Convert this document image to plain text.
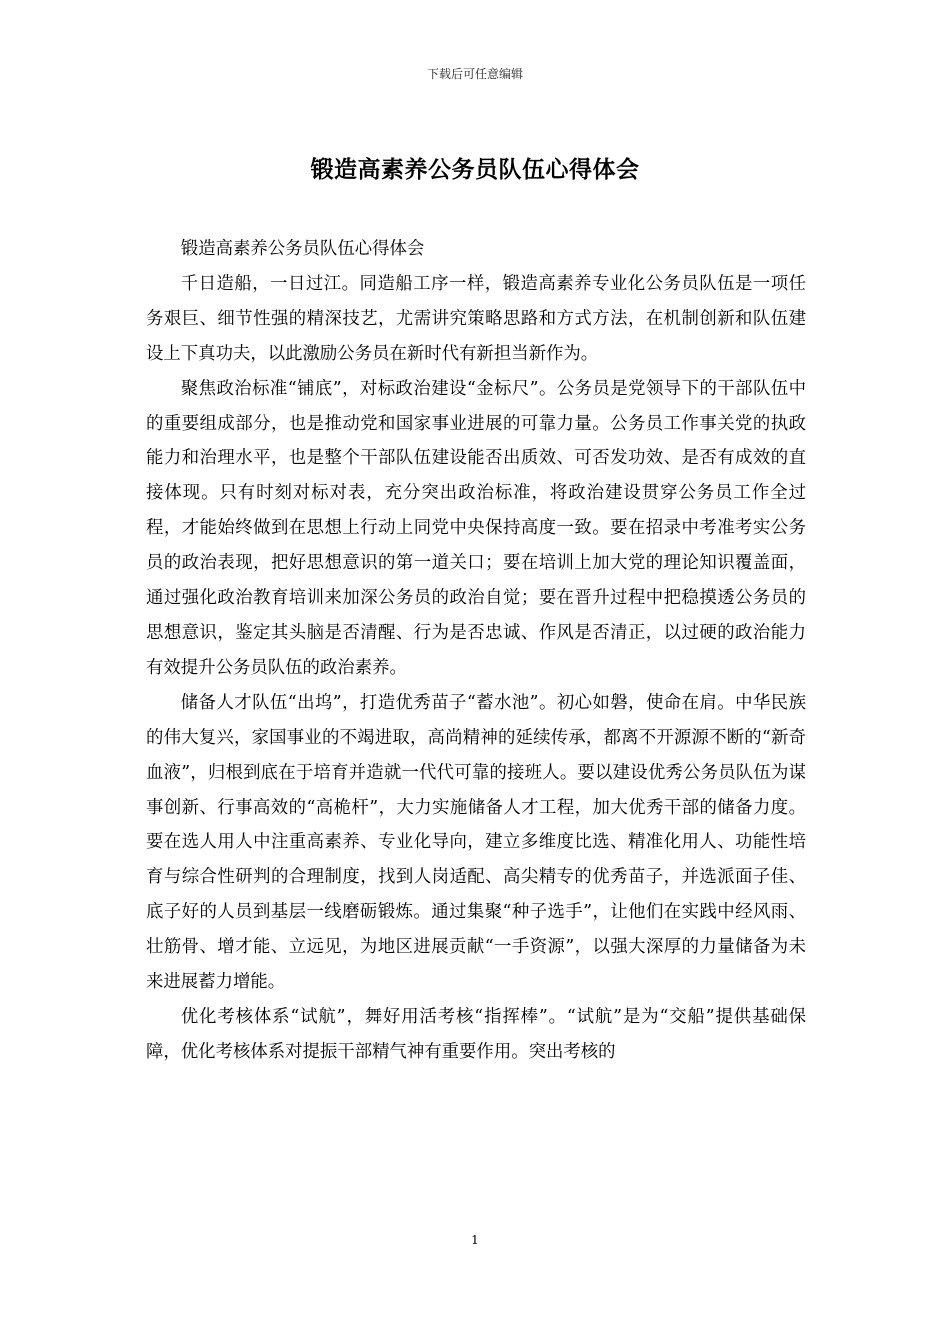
下载后可任意编辑
锻造高素养公务员队伍心得体会

锻造高素养公务员队伍心得体会

千日造船，一日过江。同造船工序一样，锻造高素养专业化公务员队伍是一项任务艰巨、细节性强的精深技艺，尤需讲究策略思路和方式方法，在机制创新和队伍建设上下真功夫，以此激励公务员在新时代有新担当新作为。

聚焦政治标准“铺底”，对标政治建设“金标尺”。公务员是党领导下的干部队伍中的重要组成部分，也是推动党和国家事业进展的可靠力量。公务员工作事关党的执政能力和治理水平，也是整个干部队伍建设能否出质效、可否发功效、是否有成效的直接体现。只有时刻对标对表，充分突出政治标准，将政治建设贯穿公务员工作全过程，才能始终做到在思想上行动上同党中央保持高度一致。要在招录中考准考实公务员的政治表现，把好思想意识的第一道关口；要在培训上加大党的理论知识覆盖面，通过强化政治教育培训来加深公务员的政治自觉；要在晋升过程中把稳摸透公务员的思想意识，鉴定其头脑是否清醒、行为是否忠诚、作风是否清正，以过硬的政治能力有效提升公务员队伍的政治素养。

储备人才队伍“出坞”，打造优秀苗子“蓄水池”。初心如磐，使命在肩。中华民族的伟大复兴，家国事业的不竭进取，高尚精神的延续传承，都离不开源源不断的“新奇血液”，归根到底在于培育并造就一代代可靠的接班人。要以建设优秀公务员队伍为谋事创新、行事高效的“高桅杆”，大力实施储备人才工程，加大优秀干部的储备力度。要在选人用人中注重高素养、专业化导向，建立多维度比选、精准化用人、功能性培育与综合性研判的合理制度，找到人岗适配、高尖精专的优秀苗子，并选派面子佳、底子好的人员到基层一线磨砺锻炼。通过集聚“种子选手”，让他们在实践中经风雨、壮筋骨、增才能、立远见，为地区进展贡献“一手资源”，以强大深厚的力量储备为未来进展蓄力增能。

优化考核体系“试航”，舞好用活考核“指挥棒”。“试航”是为“交船”提供基础保障，优化考核体系对提振干部精气神有重要作用。突出考核的

1
